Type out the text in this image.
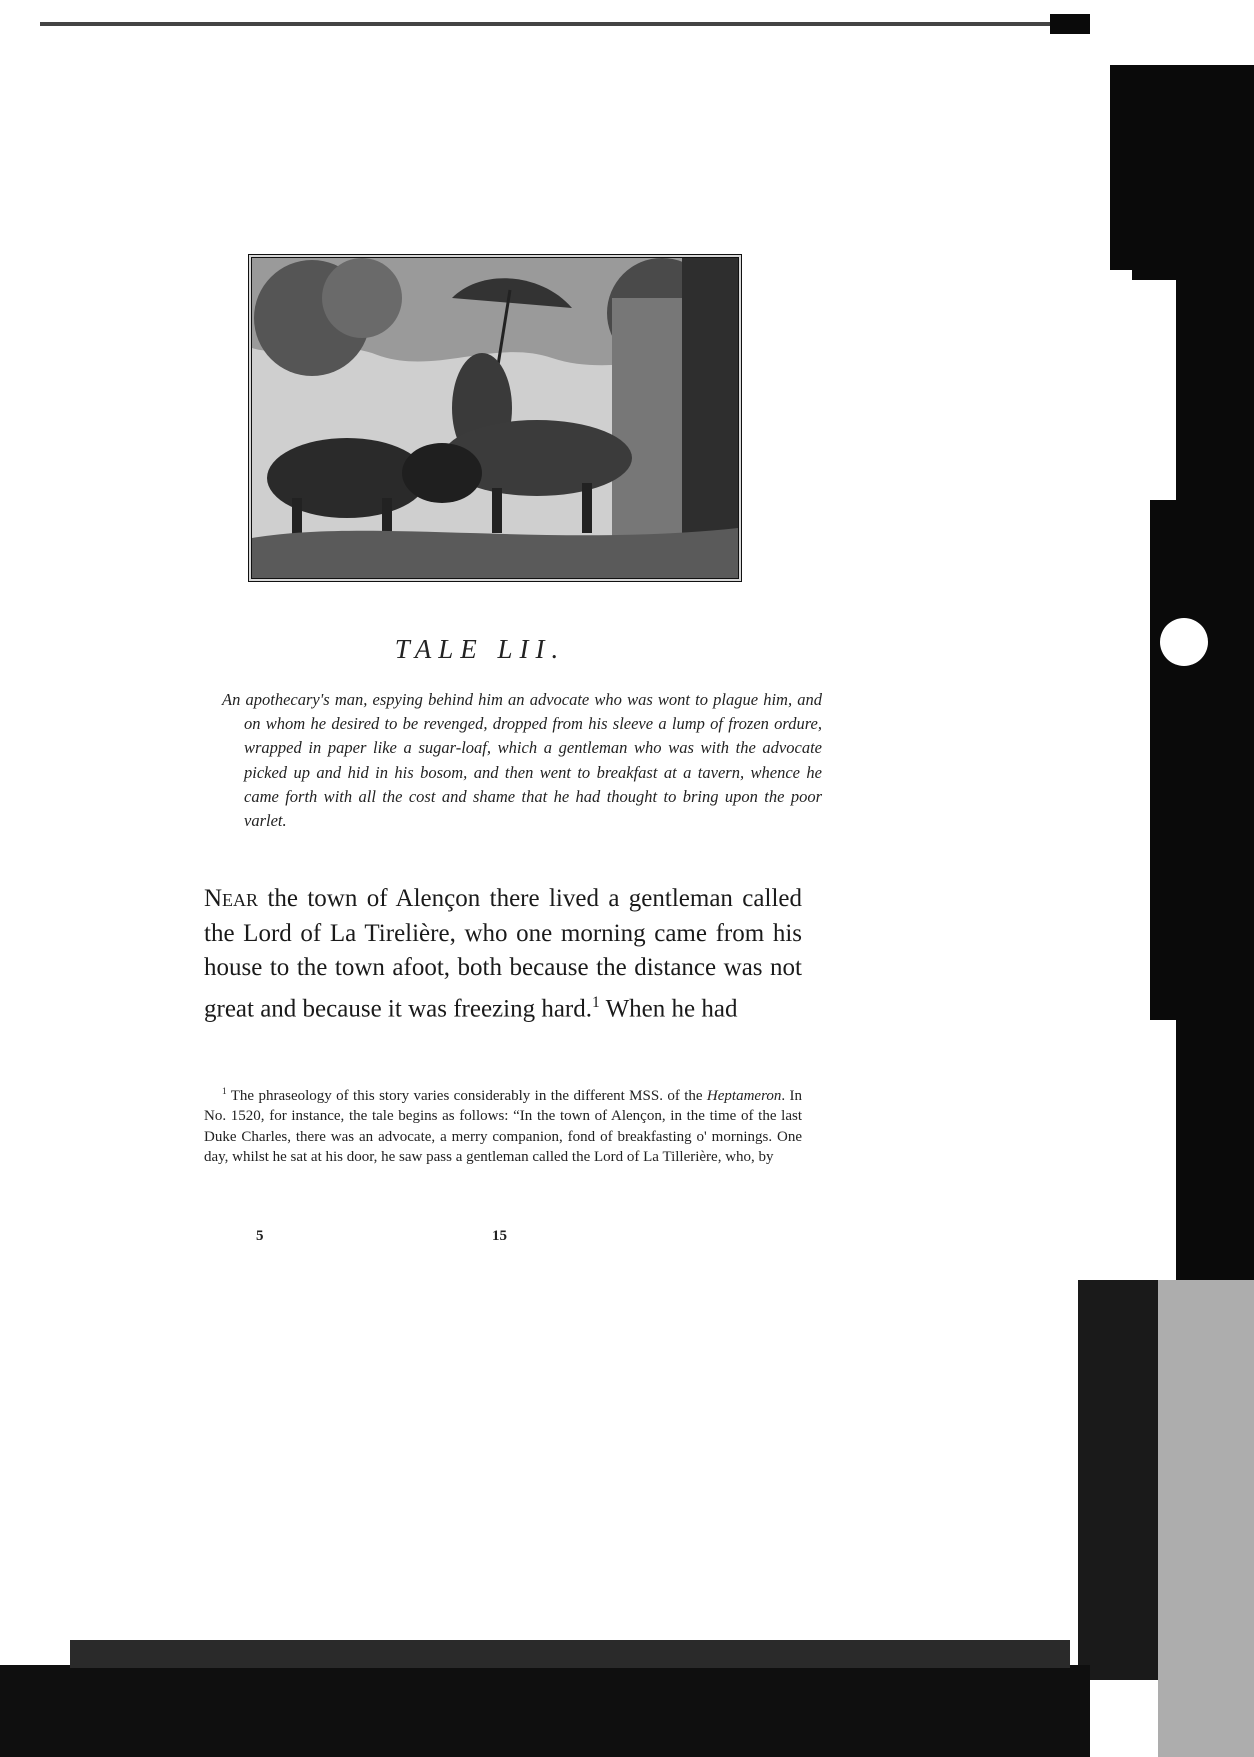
TALE LII.

An apothecary's man, espying behind him an advocate who was wont to plague him, and on whom he desired to be revenged, dropped from his sleeve a lump of frozen ordure, wrapped in paper like a sugar-loaf, which a gentleman who was with the advocate picked up and hid in his bosom, and then went to breakfast at a tavern, whence he came forth with all the cost and shame that he had thought to bring upon the poor varlet.

Near the town of Alençon there lived a gentleman called the Lord of La Tirelière, who one morning came from his house to the town afoot, both because the distance was not great and because it was freezing hard.$^1$ When he had

$^1$ The phraseology of this story varies considerably in the different MSS. of the Heptameron. In No. 1520, for instance, the tale begins as follows: “In the town of Alençon, in the time of the last Duke Charles, there was an advocate, a merry companion, fond of breakfasting o' mornings. One day, whilst he sat at his door, he saw pass a gentleman called the Lord of La Tillerière, who, by

5	15
